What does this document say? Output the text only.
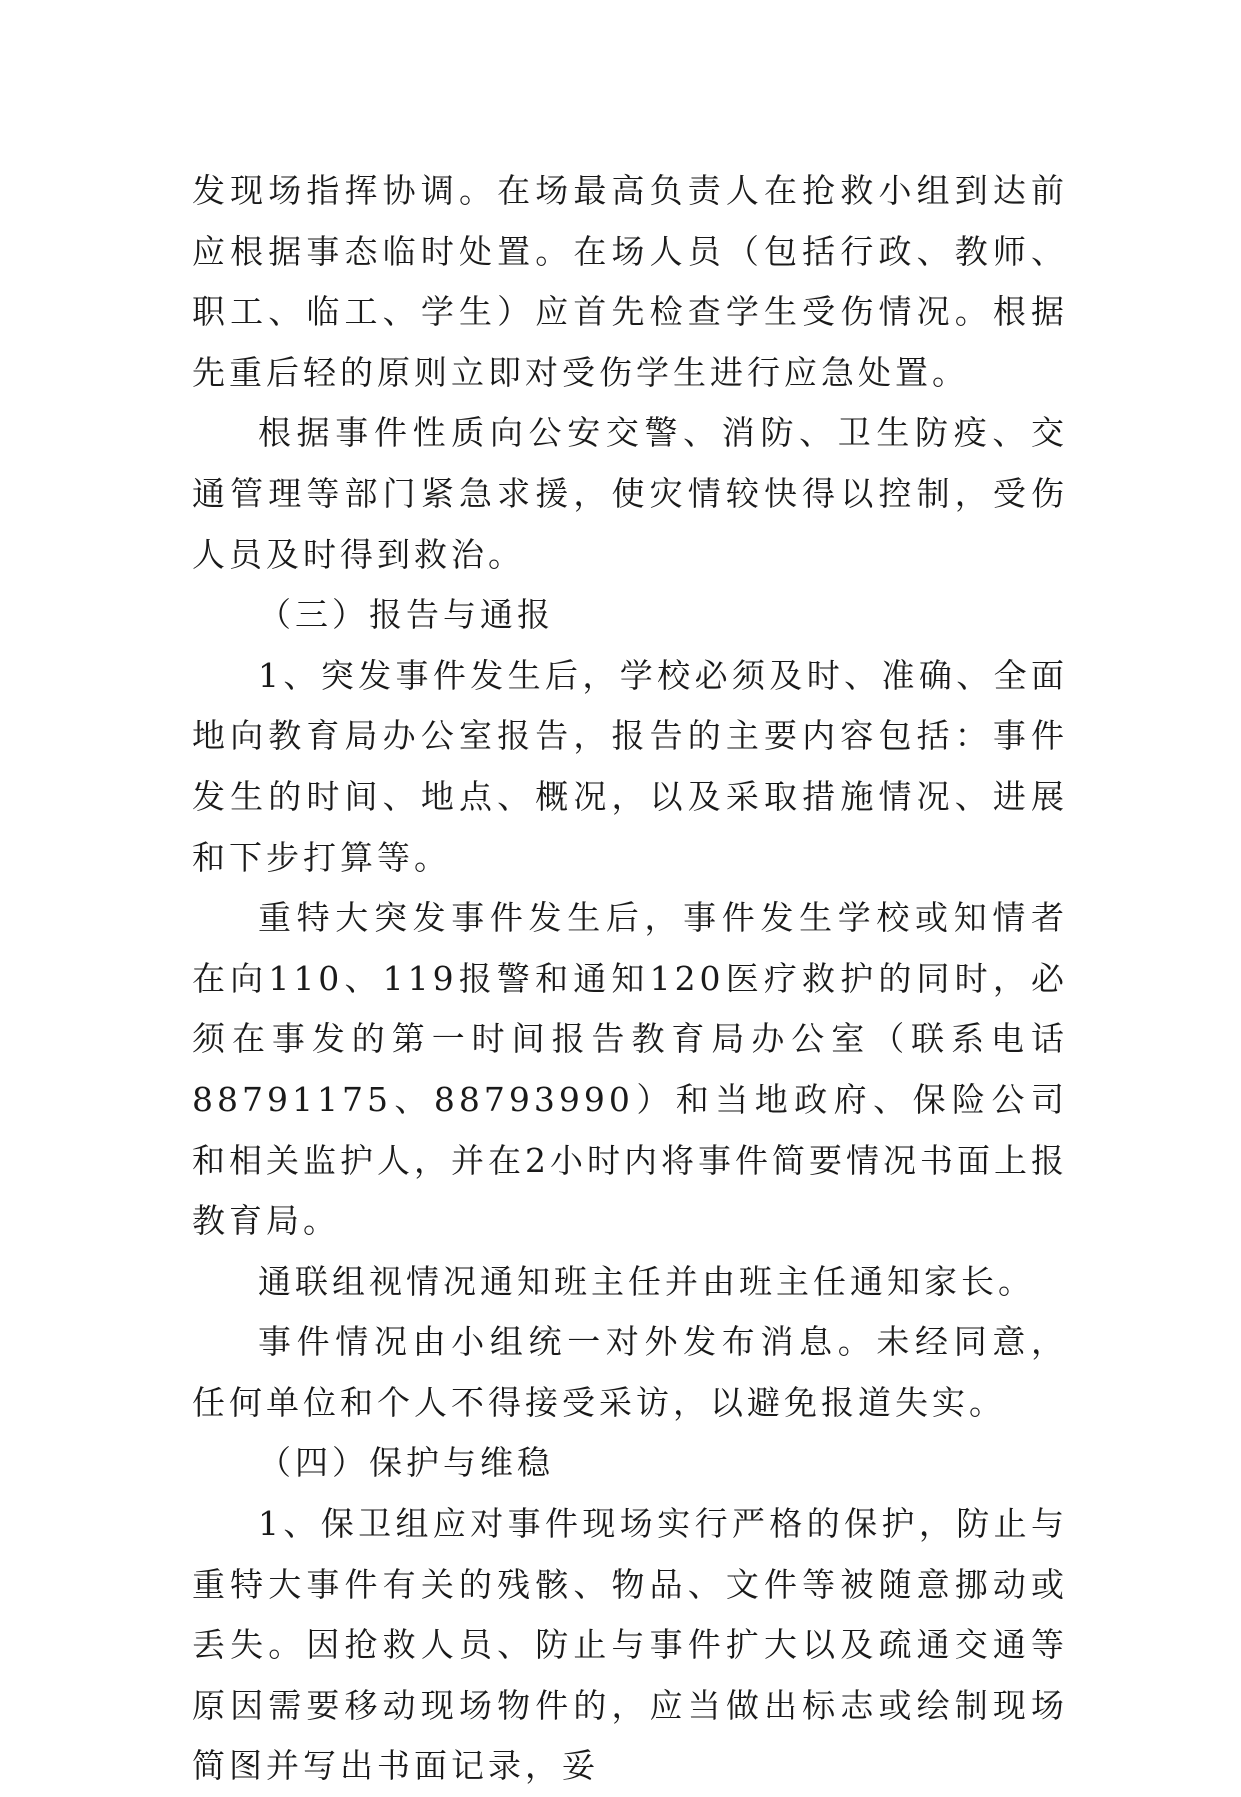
发现场指挥协调。在场最高负责人在抢救小组到达前应根据事态临时处置。在场人员（包括行政、教师、职工、临工、学生）应首先检查学生受伤情况。根据先重后轻的原则立即对受伤学生进行应急处置。

根据事件性质向公安交警、消防、卫生防疫、交通管理等部门紧急求援，使灾情较快得以控制，受伤人员及时得到救治。

（三）报告与通报

1、突发事件发生后，学校必须及时、准确、全面地向教育局办公室报告，报告的主要内容包括：事件发生的时间、地点、概况，以及采取措施情况、进展和下步打算等。

重特大突发事件发生后，事件发生学校或知情者在向110、119报警和通知120医疗救护的同时，必须在事发的第一时间报告教育局办公室（联系电话88791175、88793990）和当地政府、保险公司和相关监护人，并在2小时内将事件简要情况书面上报教育局。

通联组视情况通知班主任并由班主任通知家长。

事件情况由小组统一对外发布消息。未经同意，任何单位和个人不得接受采访，以避免报道失实。

（四）保护与维稳

1、保卫组应对事件现场实行严格的保护，防止与重特大事件有关的残骸、物品、文件等被随意挪动或丢失。因抢救人员、防止与事件扩大以及疏通交通等原因需要移动现场物件的，应当做出标志或绘制现场简图并写出书面记录，妥
